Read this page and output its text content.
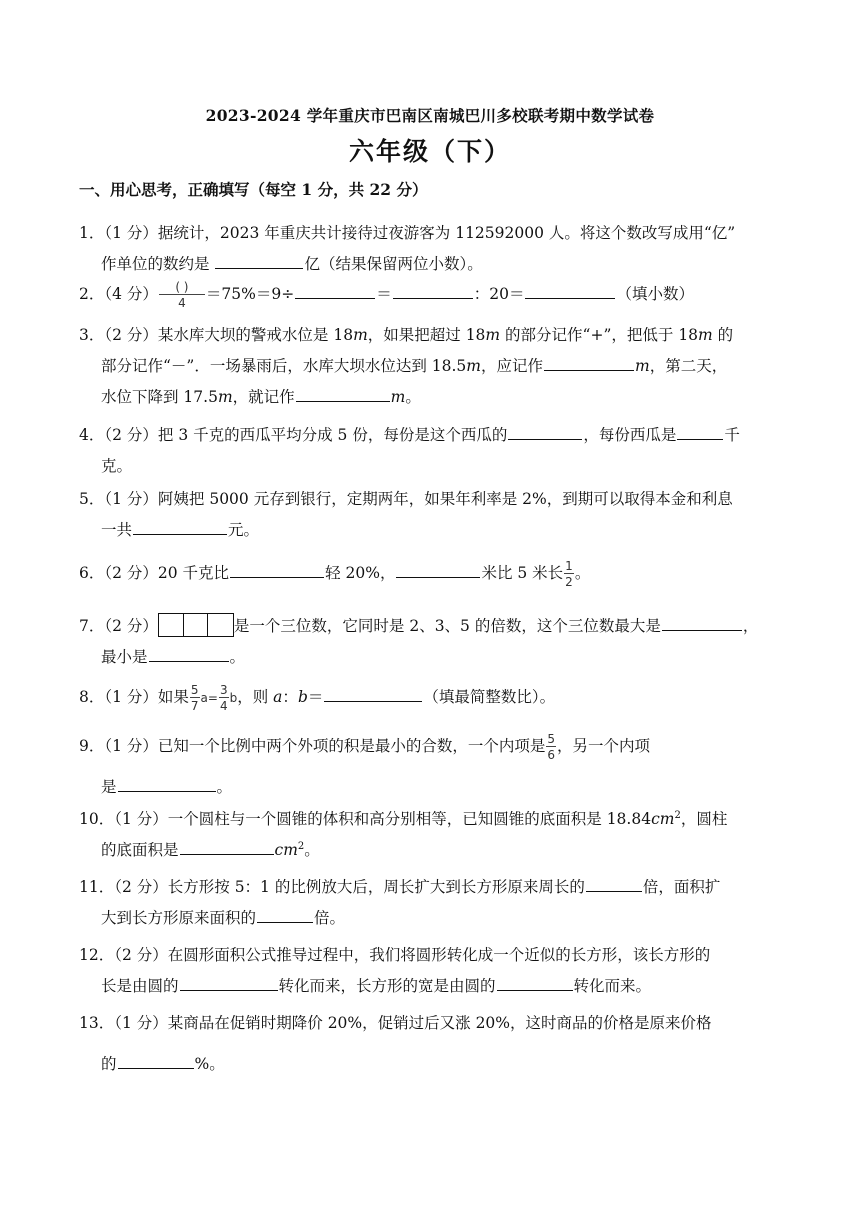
2023-2024 学年重庆市巴南区南城巴川多校联考期中数学试卷
六年级（下）
一、用心思考，正确填写（每空 1 分，共 22 分）
1．（1 分）据统计，2023 年重庆共计接待过夜游客为 112592000 人。将这个数改写成用“亿”
作单位的数约是	亿（结果保留两位小数）。
2．（4 分） $\frac{( )}{4} =75\%=9\div$	＝	：20＝	（填小数）
3．（2 分）某水库大坝的警戒水位是 18m，如果把超过 18m 的部分记作“+”，把低于 18m 的
部分记作“－”．一场暴雨后，水库大坝水位达到 18.5m，应记作	m，第二天，
水位下降到 17.5m，就记作	m。
4．（2 分）把 3 千克的西瓜平均分成 5 份，每份是这个西瓜的	，每份西瓜是	千
克。
5．（1 分）阿姨把 5000 元存到银行，定期两年，如果年利率是 2%，到期可以取得本金和利息
一共	元。
6．（2 分）20 千克比	轻 20%，	米比 5 米长 $\frac{1}{2}$ 。
7．（2 分）	是一个三位数，它同时是 2、3、5 的倍数，这个三位数最大是	，
最小是	。
8．（1 分）如果 $\frac{5}{7} a= \frac{3}{4}$ b，则 a：b＝	（填最简整数比）。
9．（1 分）已知一个比例中两个外项的积是最小的合数，一个内项是 $\frac{5}{6}$ ，另一个内项
是	。
10．（1 分）一个圆柱与一个圆锥的体积和高分别相等，已知圆锥的底面积是 $18.84cm^2$，圆柱
的底面积是	$cm^2$。
11．（2 分）长方形按 5：1 的比例放大后，周长扩大到长方形原来周长的	倍，面积扩
大到长方形原来面积的	倍。
12．（2 分）在圆形面积公式推导过程中，我们将圆形转化成一个近似的长方形，该长方形的
长是由圆的	转化而来，长方形的宽是由圆的	转化而来。
13．（1 分）某商品在促销时期降价 20%，促销过后又涨 20%，这时商品的价格是原来价格
的	%。
